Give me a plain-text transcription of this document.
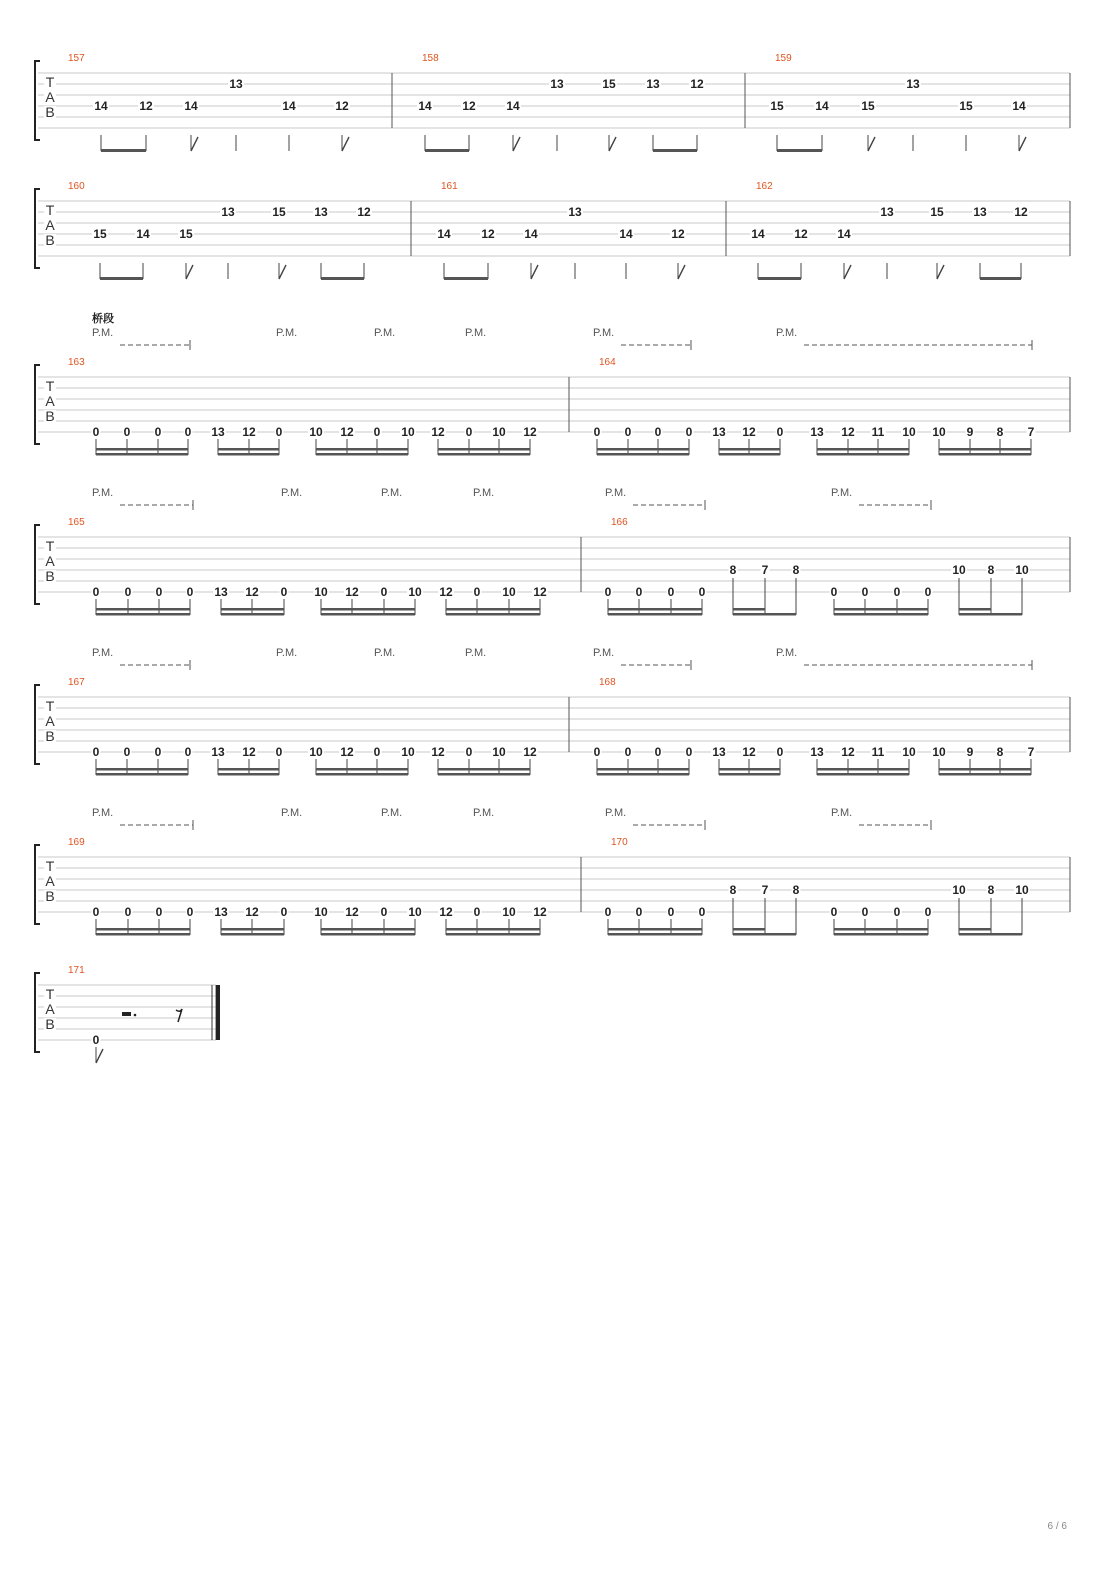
T
A
B
157
14	12	14
13
14	12
158
14	12	14
13	15	13	12
159
15	14	15
13
15	14
T
A
B
160
15 14 15
13	15 13 12
161
14	12 14
13
14	12
162
14 12 14
13	15 13 12
T
A
B
桥段
P.M.	P.M.	P.M.	P.M.	P.M.	P.M.
163
0 0 0 0 13 12 0 10 12 0 10 12 0 10 12
164
0 0 0 0 13 12 0 13 12 11 10 10 9 8 7
T
A
B
P.M.	P.M.	P.M.	P.M.	P.M.	P.M.
165
0 0 0 0 13 12 0 10 12 0 10 12 0 10 12
166
0 0 0 0
8 7 8
0 0 0 0
10 8 10
T
A
B
P.M.	P.M.	P.M.	P.M.	P.M.	P.M.
167
0 0 0 0 13 12 0 10 12 0 10 12 0 10 12
168
0 0 0 0 13 12 0 13 12 11 10 10 9 8 7
T
A
B
P.M.	P.M.	P.M.	P.M.	P.M.	P.M.
169
0 0 0 0 13 12 0 10 12 0 10 12 0 10 12
170
0 0 0 0
8 7 8
0 0 0 0
10 8 10
T
A
B
171
0
6 / 6
